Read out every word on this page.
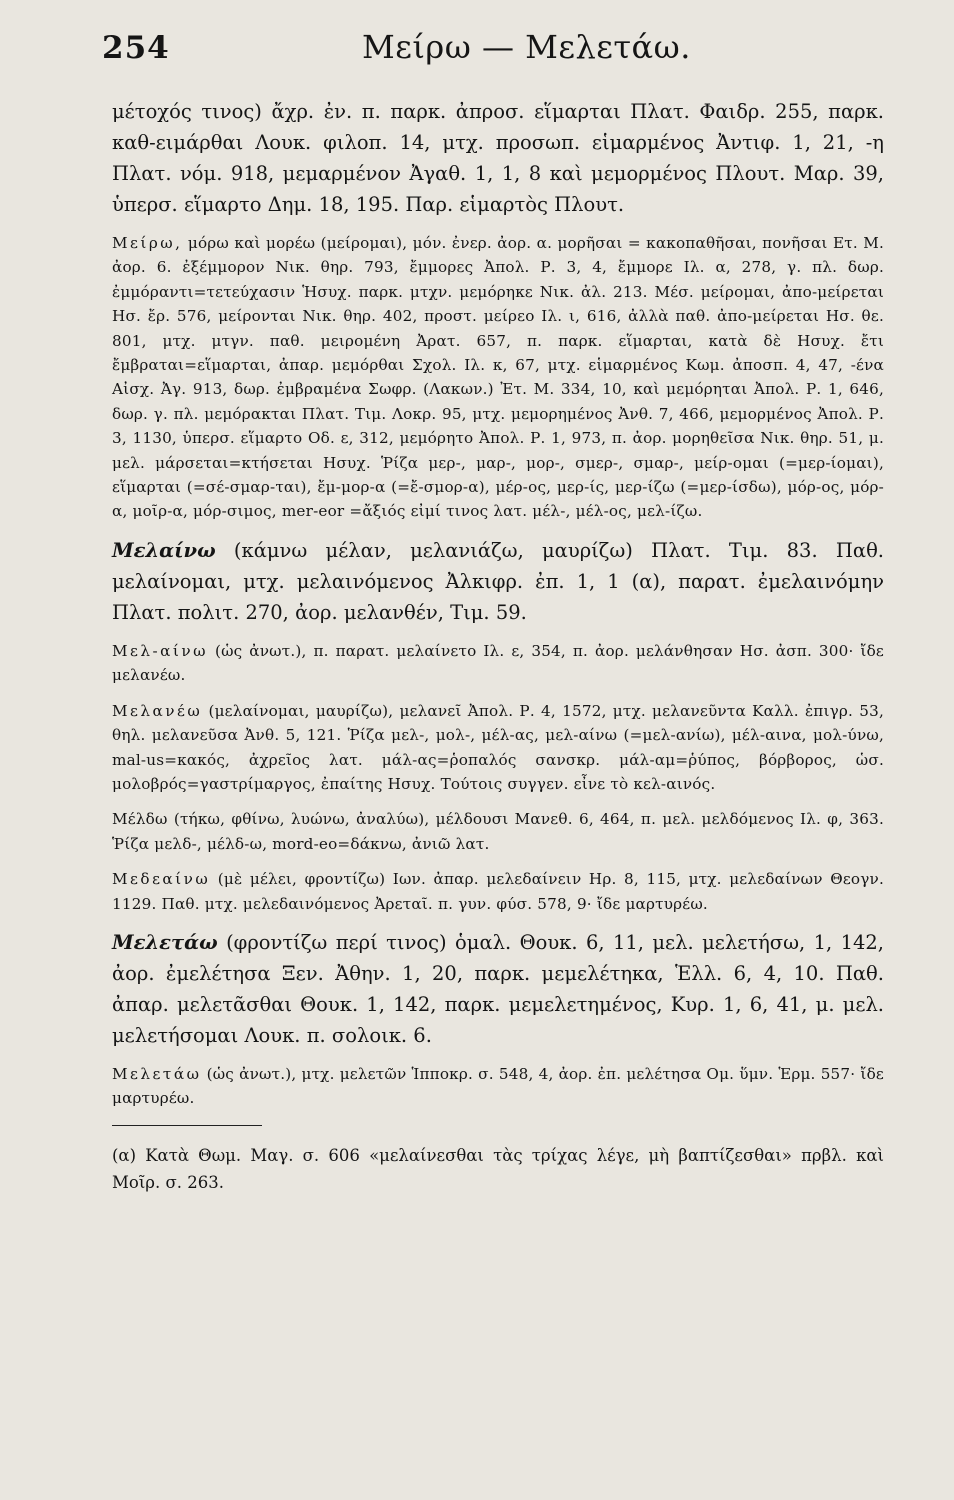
254	Μείρω — Μελετάω.

μέτοχός τινος) ἄχρ. ἐν. π. παρκ. ἀπροσ. εἵμαρται Πλατ. Φαιδρ. 255, παρκ. καθ-ειμάρθαι Λουκ. φιλοπ. 14, μτχ. προσωπ. εἱμαρμένος Ἀντιφ. 1, 21, -η Πλατ. νόμ. 918, μεμαρμένον Ἀγαθ. 1, 1, 8 καὶ μεμορμένος Πλουτ. Μαρ. 39, ὑπερσ. εἵμαρτο Δημ. 18, 195. Παρ. εἱμαρτὸς Πλουτ.

Μείρω, μόρω καὶ μορέω (μείρομαι), μόν. ἐνερ. ἀορ. α. μορῆσαι = κακοπαθῆσαι, πονῆσαι Ετ. Μ. ἀορ. 6. ἐξέμμορον Νικ. θηρ. 793, ἔμμορες Ἀπολ. Ρ. 3, 4, ἔμμορε Ιλ. α, 278, γ. πλ. δωρ. ἐμμόραντι=τετεύχασιν Ἡσυχ. παρκ. μτχν. μεμόρηκε Νικ. ἀλ. 213. Μέσ. μείρομαι, ἀπο-μείρεται Ησ. ἔρ. 576, μείρονται Νικ. θηρ. 402, προστ. μείρεο Ιλ. ι, 616, ἀλλὰ παθ. ἀπο-μείρεται Ησ. θε. 801, μτχ. μτγν. παθ. μειρομένη Ἀρατ. 657, π. παρκ. εἵμαρται, κατὰ δὲ Ησυχ. ἔτι ἔμβραται=εἵμαρται, ἀπαρ. μεμόρθαι Σχολ. Ιλ. κ, 67, μτχ. εἱμαρμένος Κωμ. ἀποσπ. 4, 47, -ένα Αἰσχ. Ἀγ. 913, δωρ. ἐμβραμένα Σωφρ. (Λακων.) Ἐτ. Μ. 334, 10, καὶ μεμόρηται Ἀπολ. Ρ. 1, 646, δωρ. γ. πλ. μεμόρακται Πλατ. Τιμ. Λοκρ. 95, μτχ. μεμορημένος Ἀνθ. 7, 466, μεμορμένος Ἀπολ. Ρ. 3, 1130, ὑπερσ. εἵμαρτο Οδ. ε, 312, μεμόρητο Ἀπολ. Ρ. 1, 973, π. ἀορ. μορηθεῖσα Νικ. θηρ. 51, μ. μελ. μάρσεται=κτήσεται Ησυχ. Ῥίζα μερ-, μαρ-, μορ-, σμερ-, σμαρ-, μείρ-ομαι (=μερ-ίομαι), εἵμαρται (=σέ-σμαρ-ται), ἔμ-μορ-α (=ἔ-σμορ-α), μέρ-ος, μερ-ίς, μερ-ίζω (=μερ-ίσδω), μόρ-ος, μόρ-α, μοῖρ-α, μόρ-σιμος, mer-eor =ἄξιός εἰμί τινος λατ. μέλ-, μέλ-ος, μελ-ίζω.

Μελαίνω (κάμνω μέλαν, μελανιάζω, μαυρίζω) Πλατ. Τιμ. 83. Παθ. μελαίνομαι, μτχ. μελαινόμενος Ἀλκιφρ. ἐπ. 1, 1 (α), παρατ. ἐμελαινόμην Πλατ. πολιτ. 270, ἀορ. μελανθέν, Τιμ. 59.

Μελ-αίνω (ὡς ἀνωτ.), π. παρατ. μελαίνετο Ιλ. ε, 354, π. ἀορ. μελάνθησαν Ησ. ἀσπ. 300· ἴδε μελανέω.

Μελανέω (μελαίνομαι, μαυρίζω), μελανεῖ Ἀπολ. Ρ. 4, 1572, μτχ. μελανεῦντα Καλλ. ἐπιγρ. 53, θηλ. μελανεῦσα Ἀνθ. 5, 121. Ῥίζα μελ-, μολ-, μέλ-ας, μελ-αίνω (=μελ-ανίω), μέλ-αινα, μολ-ύνω, mal-us=κακός, ἀχρεῖος λατ. μάλ-ας=ῥοπαλός σανσκρ. μάλ-αμ=ῥύπος, βόρβορος, ὡσ. μολοβρός=γαστρίμαργος, ἐπαίτης Ησυχ. Τούτοις συγγεν. εἶνε τὸ κελ-αινός.

Μέλδω (τήκω, φθίνω, λυώνω, ἀναλύω), μέλδουσι Μανεθ. 6, 464, π. μελ. μελδόμενος Ιλ. φ, 363. Ῥίζα μελδ-, μέλδ-ω, mord-eo=δάκνω, ἀνιῶ λατ.

Μεδεαίνω (μὲ μέλει, φροντίζω) Ιων. ἀπαρ. μελεδαίνειν Ηρ. 8, 115, μτχ. μελεδαίνων Θεογν. 1129. Παθ. μτχ. μελεδαινόμενος Ἀρεταῖ. π. γυν. φύσ. 578, 9· ἴδε μαρτυρέω.

Μελετάω (φροντίζω περί τινος) ὁμαλ. Θουκ. 6, 11, μελ. μελετήσω, 1, 142, ἀορ. ἐμελέτησα Ξεν. Ἀθην. 1, 20, παρκ. μεμελέτηκα, Ἑλλ. 6, 4, 10. Παθ. ἀπαρ. μελετᾶσθαι Θουκ. 1, 142, παρκ. μεμελετημένος, Κυρ. 1, 6, 41, μ. μελ. μελετήσομαι Λουκ. π. σολοικ. 6.

Μελετάω (ὡς ἀνωτ.), μτχ. μελετῶν Ἱπποκρ. σ. 548, 4, ἀορ. ἐπ. μελέτησα Ομ. ὕμν. Ἑρμ. 557· ἴδε μαρτυρέω.

(α) Κατὰ Θωμ. Μαγ. σ. 606 «μελαίνεσθαι τὰς τρίχας λέγε, μὴ βαπτίζεσθαι» πρβλ. καὶ Μοῖρ. σ. 263.
